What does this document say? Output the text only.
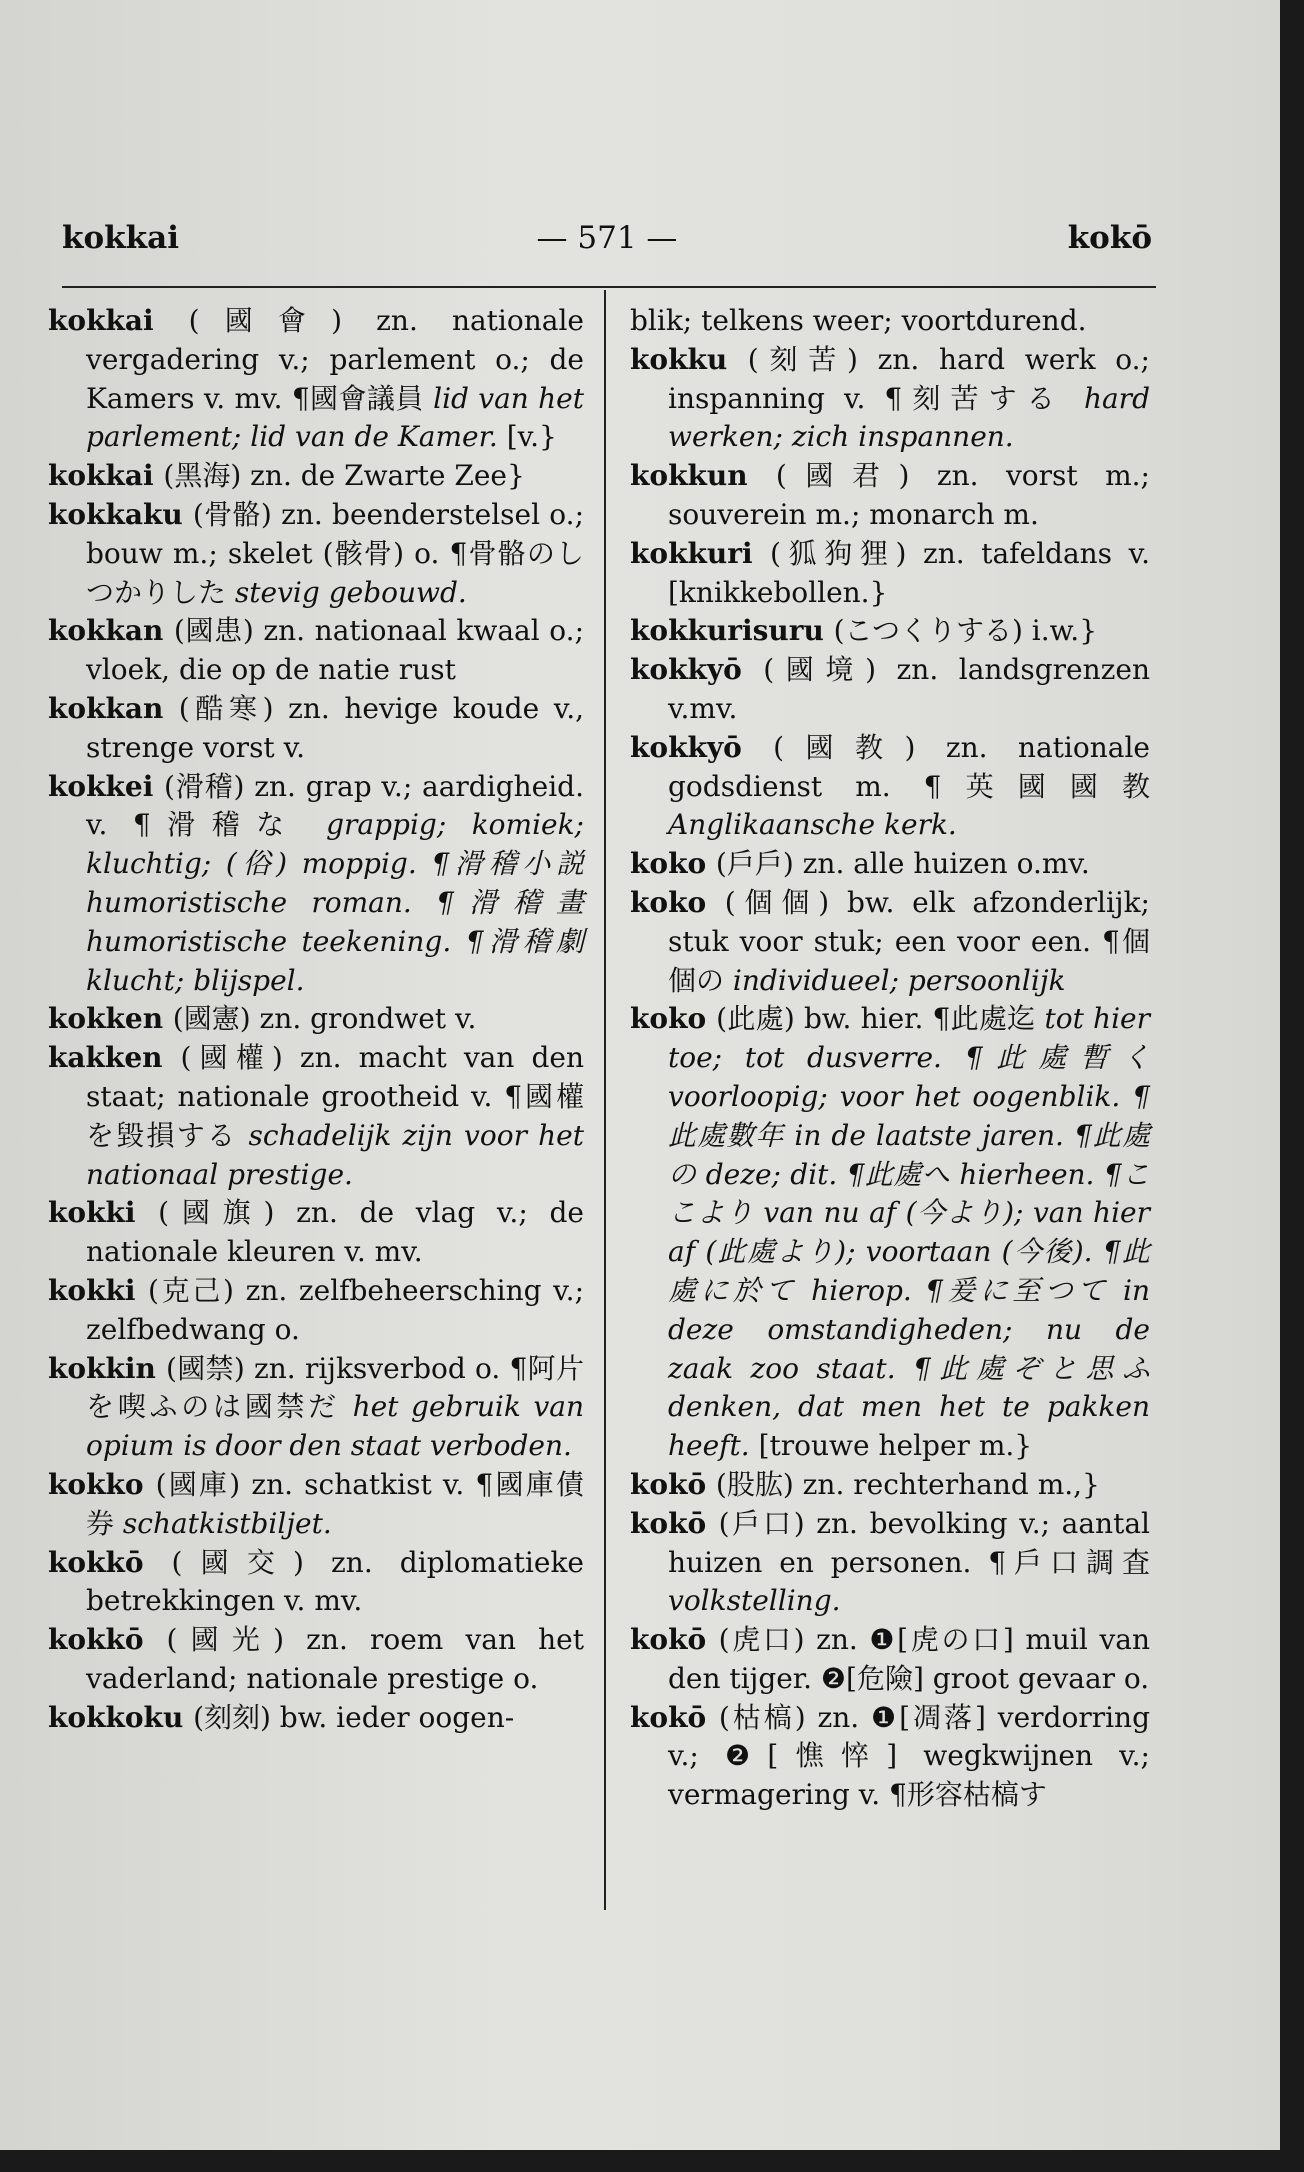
kokkai	— 571 —	kokō

kokkai (國會) zn. nationale vergadering v.; parlement o.; de Kamers v. mv. ¶國會議員 lid van het parlement; lid van de Kamer. [v.}

kokkai (黑海) zn. de Zwarte Zee}

kokkaku (骨骼) zn. beenderstelsel o.; bouw m.; skelet (骸骨) o. ¶骨骼のしつかりした stevig gebouwd.

kokkan (國患) zn. nationaal kwaal o.; vloek, die op de natie rust

kokkan (酷寒) zn. hevige koude v., strenge vorst v.

kokkei (滑稽) zn. grap v.; aardigheid. v. ¶滑稽な grappig; komiek; kluchtig; (俗) moppig. ¶滑稽小説 humoristische roman. ¶滑稽畫 humoristische teekening. ¶滑稽劇 klucht; blijspel.

kokken (國憲) zn. grondwet v.

kakken (國權) zn. macht van den staat; nationale grootheid v. ¶國權を毀損する schadelijk zijn voor het nationaal prestige.

kokki (國旗) zn. de vlag v.; de nationale kleuren v. mv.

kokki (克己) zn. zelfbeheersching v.; zelfbedwang o.

kokkin (國禁) zn. rijksverbod o. ¶阿片を喫ふのは國禁だ het gebruik van opium is door den staat verboden.

kokko (國庫) zn. schatkist v. ¶國庫債券 schatkistbiljet.

kokkō (國交) zn. diplomatieke betrekkingen v. mv.

kokkō (國光) zn. roem van het vaderland; nationale prestige o.

kokkoku (刻刻) bw. ieder oogen-

blik; telkens weer; voortdurend.

kokku (刻苦) zn. hard werk o.; inspanning v. ¶刻苦する hard werken; zich inspannen.

kokkun (國君) zn. vorst m.; souverein m.; monarch m.

kokkuri (狐狗狸) zn. tafeldans v. [knikkebollen.}

kokkurisuru (こつくりする) i.w.}

kokkyō (國境) zn. landsgrenzen v.mv.

kokkyō (國教) zn. nationale godsdienst m. ¶英國國教 Anglikaansche kerk.

koko (戶戶) zn. alle huizen o.mv.

koko (個個) bw. elk afzonderlijk; stuk voor stuk; een voor een. ¶個個の individueel; persoonlijk

koko (此處) bw. hier. ¶此處迄 tot hier toe; tot dusverre. ¶此處暫く voorloopig; voor het oogenblik. ¶此處數年 in de laatste jaren. ¶此處の deze; dit. ¶此處へ hierheen. ¶ここより van nu af (今より); van hier af (此處より); voortaan (今後). ¶此處に於て hierop. ¶爰に至つて in deze omstandigheden; nu de zaak zoo staat. ¶此處ぞと思ふ denken, dat men het te pakken heeft. [trouwe helper m.}

kokō (股肱) zn. rechterhand m.,}

kokō (戶口) zn. bevolking v.; aantal huizen en personen. ¶戶口調査 volkstelling.

kokō (虎口) zn. ❶[虎の口] muil van den tijger. ❷[危險] groot gevaar o.

kokō (枯槁) zn. ❶[凋落] verdorring v.; ❷[憔悴] wegkwijnen v.; vermagering v. ¶形容枯槁す
